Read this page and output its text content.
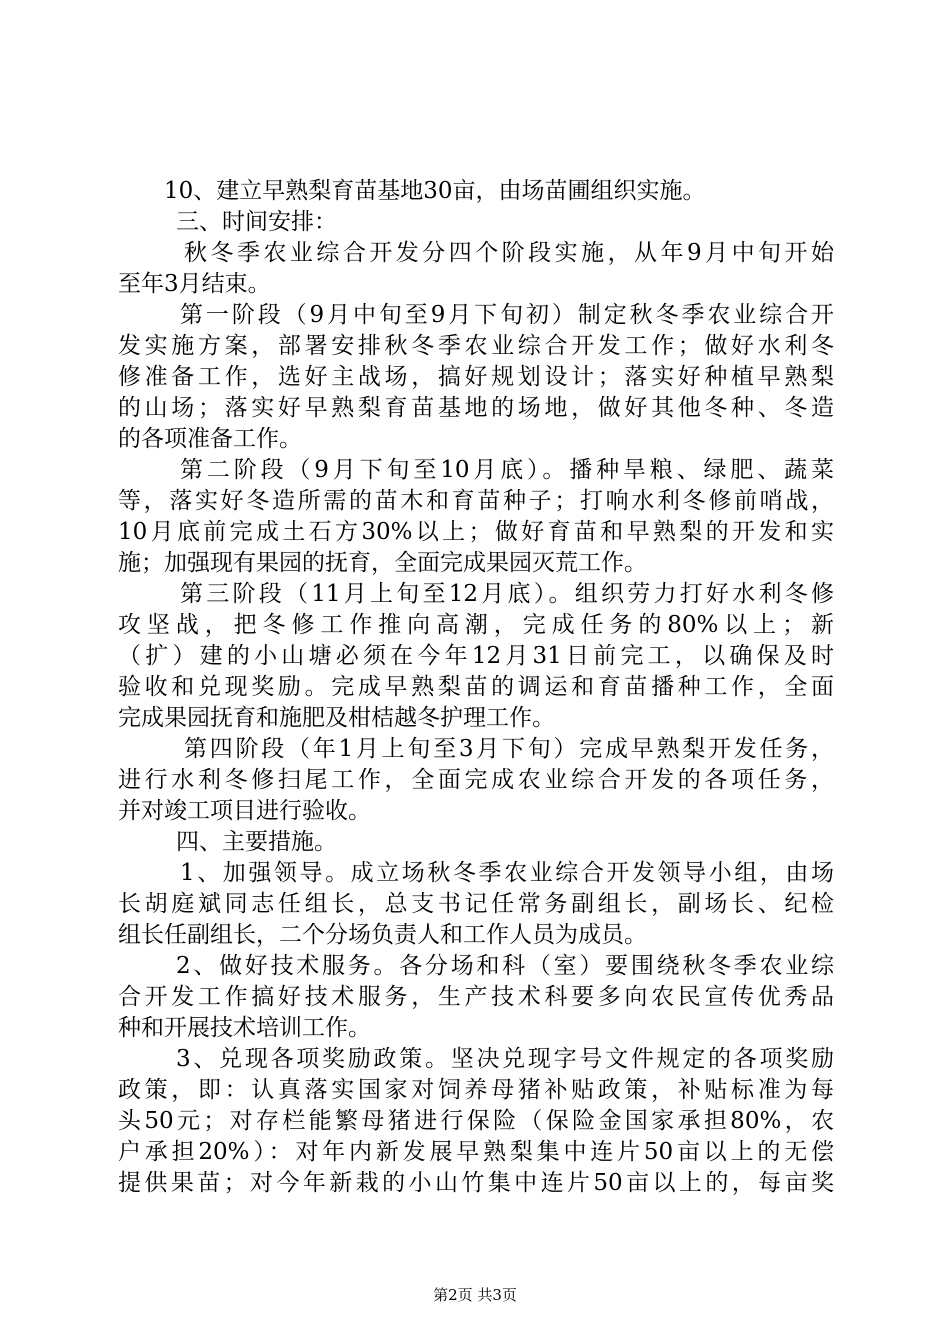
10、建立早熟梨育苗基地30亩，由场苗圃组织实施。
三、时间安排：
秋冬季农业综合开发分四个阶段实施，从年9月中旬开始
至年3月结束。
第一阶段（9月中旬至9月下旬初）制定秋冬季农业综合开
发实施方案，部署安排秋冬季农业综合开发工作；做好水利冬
修准备工作，选好主战场，搞好规划设计；落实好种植早熟梨
的山场；落实好早熟梨育苗基地的场地，做好其他冬种、冬造
的各项准备工作。
第二阶段（9月下旬至10月底）。播种旱粮、绿肥、蔬菜
等，落实好冬造所需的苗木和育苗种子；打响水利冬修前哨战，
10月底前完成土石方30%以上；做好育苗和早熟梨的开发和实
施；加强现有果园的抚育，全面完成果园灭荒工作。
第三阶段（11月上旬至12月底）。组织劳力打好水利冬修
攻坚战，把冬修工作推向高潮，完成任务的80%以上；新
（扩）建的小山塘必须在今年12月31日前完工，以确保及时
验收和兑现奖励。完成早熟梨苗的调运和育苗播种工作，全面
完成果园抚育和施肥及柑桔越冬护理工作。
第四阶段（年1月上旬至3月下旬）完成早熟梨开发任务，
进行水利冬修扫尾工作，全面完成农业综合开发的各项任务，
并对竣工项目进行验收。
四、主要措施。
1、加强领导。成立场秋冬季农业综合开发领导小组，由场
长胡庭斌同志任组长，总支书记任常务副组长，副场长、纪检
组长任副组长，二个分场负责人和工作人员为成员。
2、做好技术服务。各分场和科（室）要围绕秋冬季农业综
合开发工作搞好技术服务，生产技术科要多向农民宣传优秀品
种和开展技术培训工作。
3、兑现各项奖励政策。坚决兑现字号文件规定的各项奖励
政策，即：认真落实国家对饲养母猪补贴政策，补贴标准为每
头50元；对存栏能繁母猪进行保险（保险金国家承担80%，农
户承担20%）：对年内新发展早熟梨集中连片50亩以上的无偿
提供果苗；对今年新栽的小山竹集中连片50亩以上的，每亩奖
第2页 共3页
